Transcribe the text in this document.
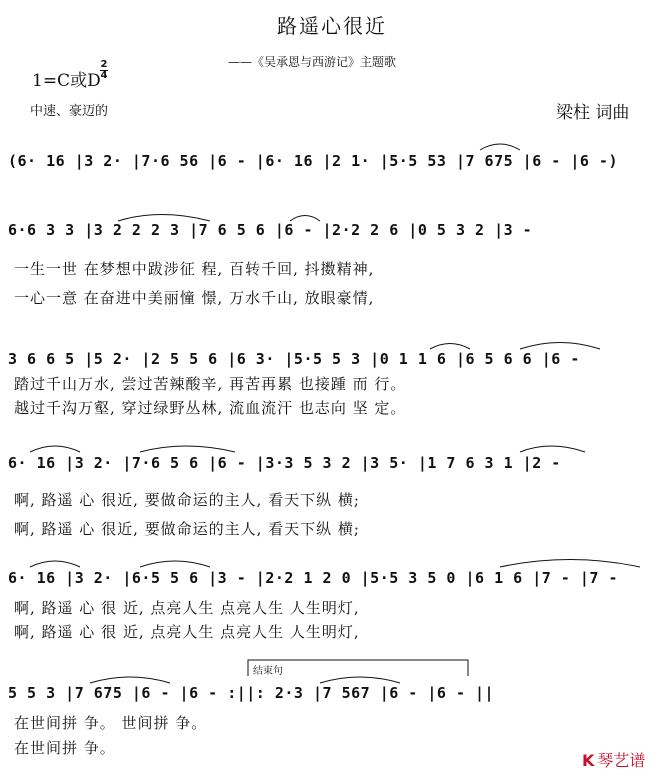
路遥心很近
——《吴承恩与西游记》主题歌
1=C或D
2
4
中速、豪迈的	梁柱 词曲
(6· 16 |3 2· |7·6 56 |6 - |6· 16 |2 1· |5·5 53 |7 675 |6 - |6 -)
6·6 3 3 |3 2 2 2 3 |7 6 5 6 |6 - |2·2 2 6 |0 5 3 2 |3 -
一生一世 在梦想中跋涉征 程, 百转千回, 抖擞精神,
一心一意 在奋进中美丽憧 憬, 万水千山, 放眼豪情,
3 6 6 5 |5 2· |2 5 5 6 |6 3· |5·5 5 3 |0 1 1 6 |6 5 6 6 |6 -
踏过千山万水, 尝过苦辣酸辛, 再苦再累 也接踵 而 行。
越过千沟万壑, 穿过绿野丛林, 流血流汗 也志向 坚 定。
6· 16 |3 2· |7·6 5 6 |6 - |3·3 5 3 2 |3 5· |1 7 6 3 1 |2 -
啊, 路遥 心 很近, 要做命运的主人, 看天下纵 横;
啊, 路遥 心 很近, 要做命运的主人, 看天下纵 横;
6· 16 |3 2· |6·5 5 6 |3 - |2·2 1 2 0 |5·5 3 5 0 |6 1 6 |7 - |7 -
啊, 路遥 心 很 近, 点亮人生 点亮人生 人生明灯,
啊, 路遥 心 很 近, 点亮人生 点亮人生 人生明灯,
结束句
5 5 3 |7 675 |6 - |6 - :||: 2·3 |7 567 |6 - |6 - ||
在世间拼 争。 世间拼 争。
在世间拼 争。
K 琴艺谱
